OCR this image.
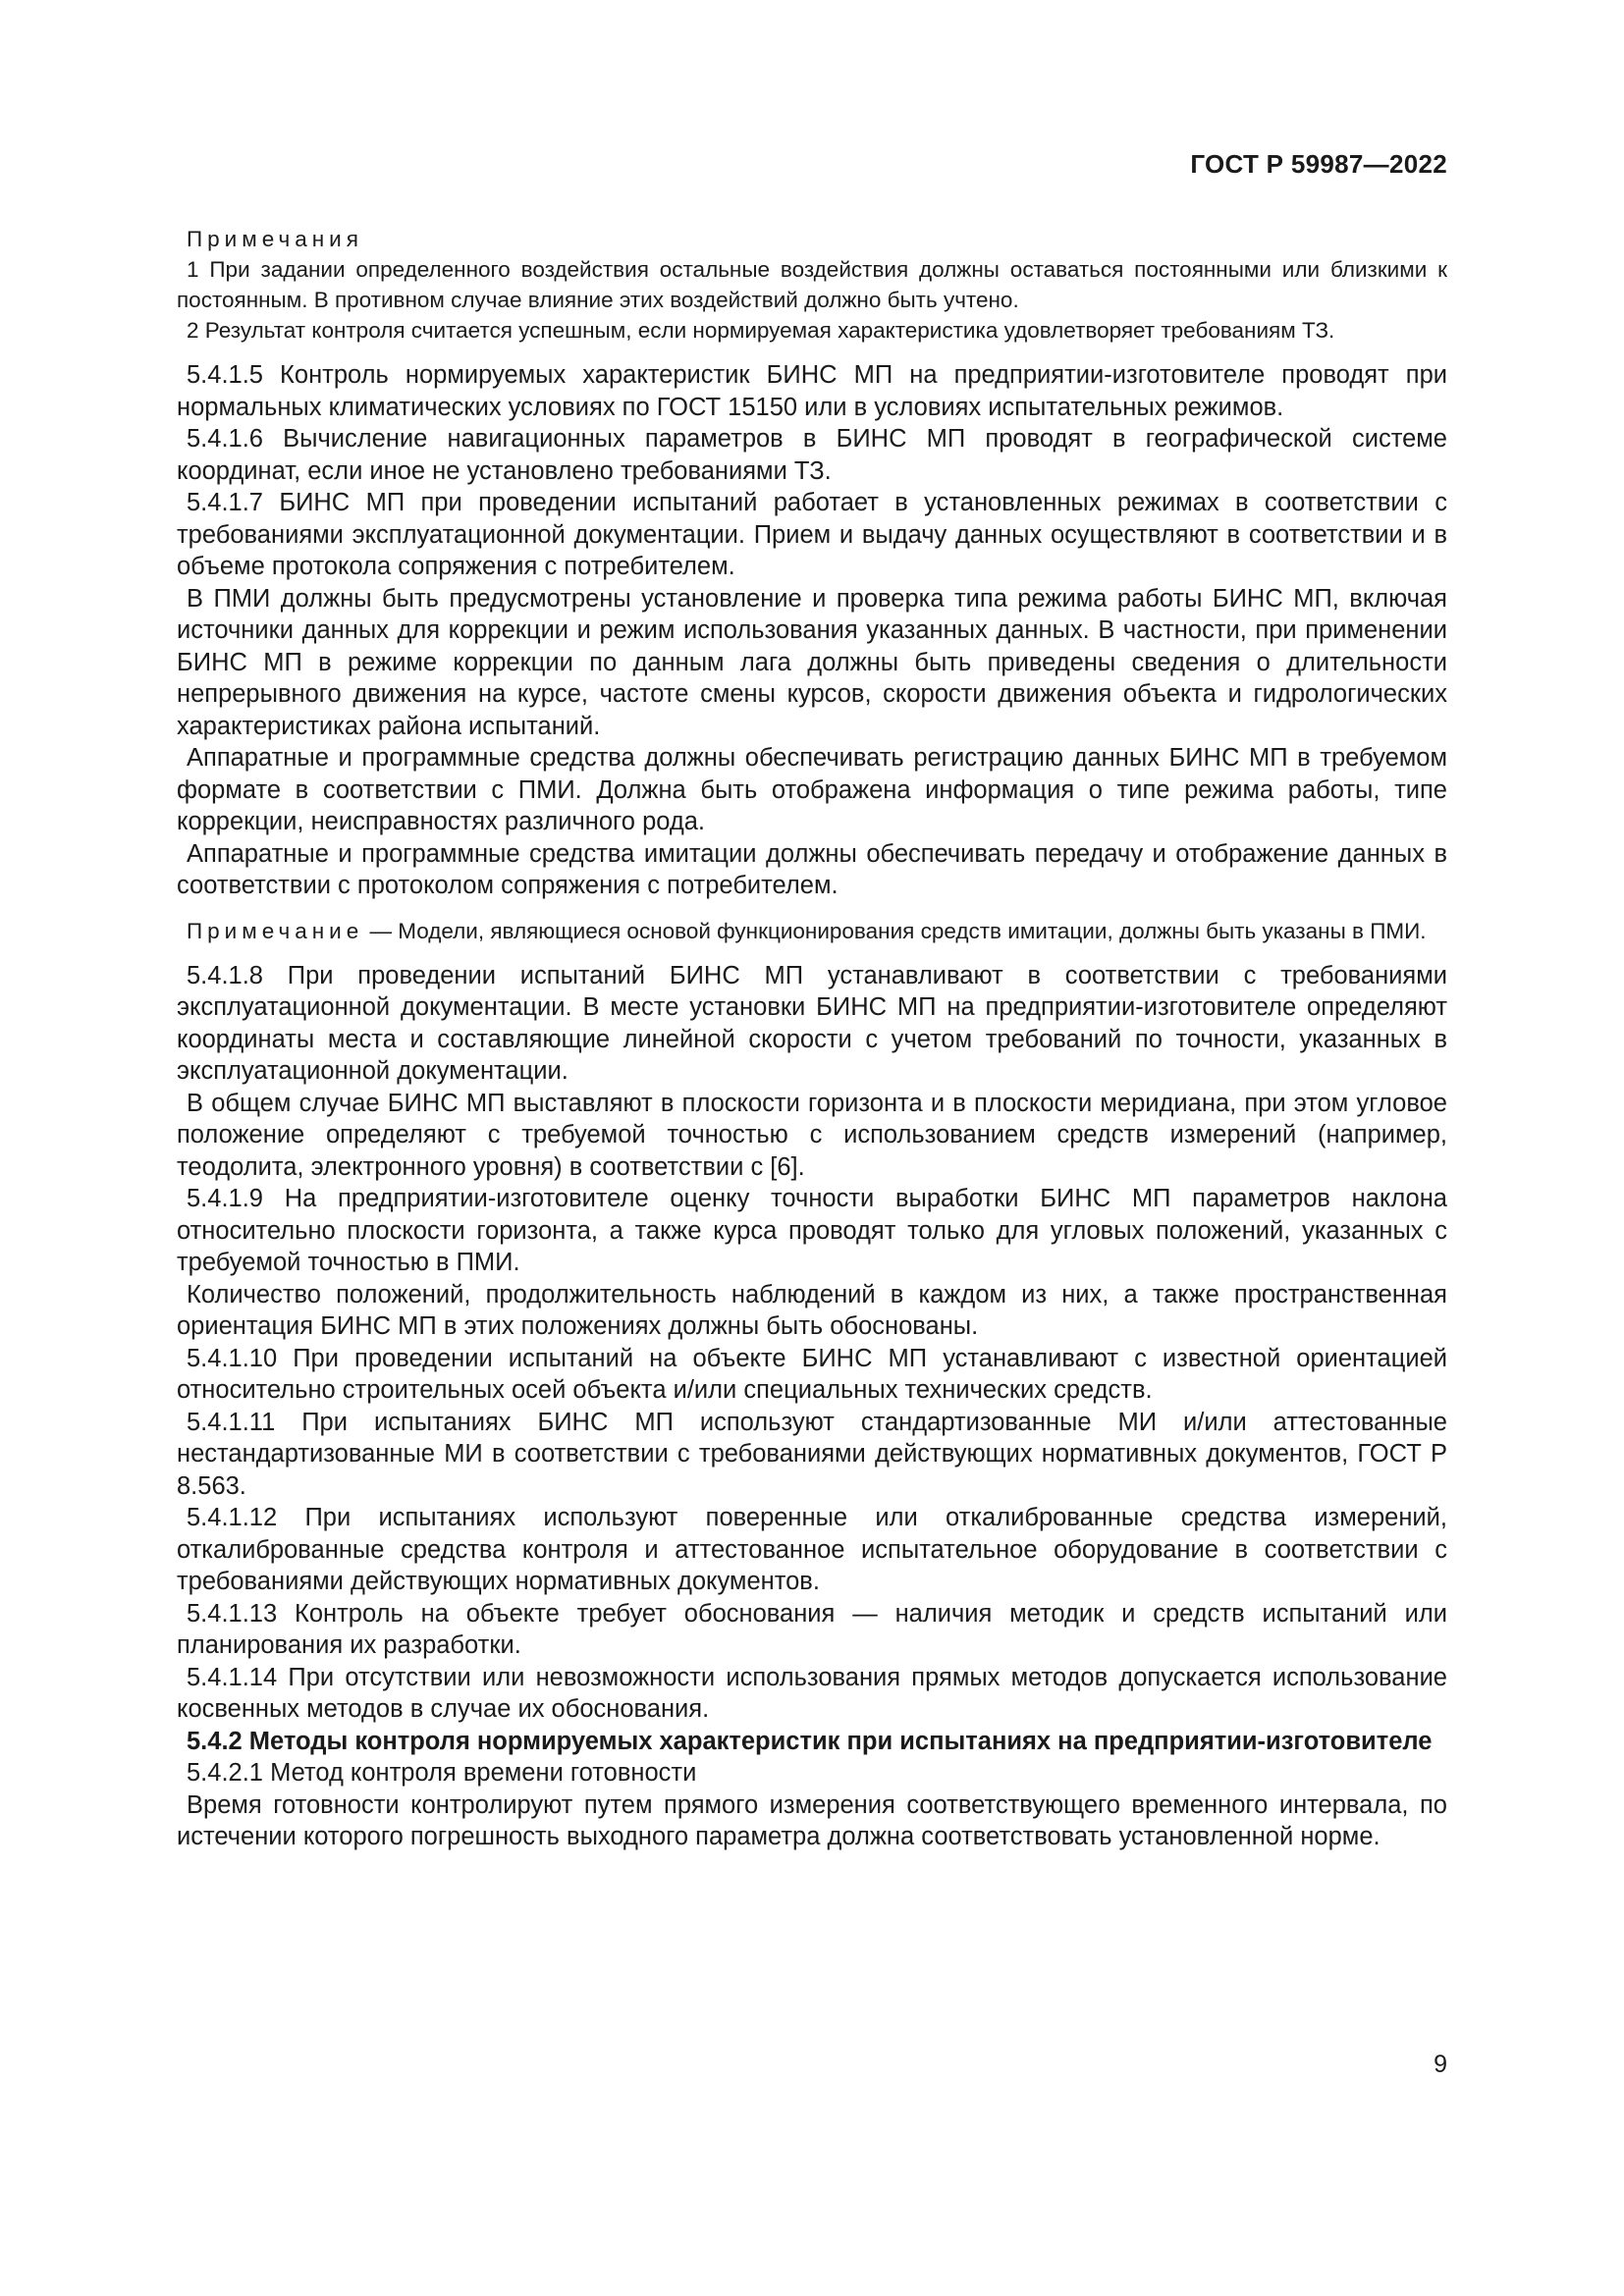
ГОСТ Р 59987—2022

Примечания

1 При задании определенного воздействия остальные воздействия должны оставаться постоянными или близкими к постоянным. В противном случае влияние этих воздействий должно быть учтено.

2 Результат контроля считается успешным, если нормируемая характеристика удовлетворяет требованиям ТЗ.

5.4.1.5 Контроль нормируемых характеристик БИНС МП на предприятии-изготовителе проводят при нормальных климатических условиях по ГОСТ 15150 или в условиях испытательных режимов.

5.4.1.6 Вычисление навигационных параметров в БИНС МП проводят в географической системе координат, если иное не установлено требованиями ТЗ.

5.4.1.7 БИНС МП при проведении испытаний работает в установленных режимах в соответствии с требованиями эксплуатационной документации. Прием и выдачу данных осуществляют в соответствии и в объеме протокола сопряжения с потребителем.

В ПМИ должны быть предусмотрены установление и проверка типа режима работы БИНС МП, включая источники данных для коррекции и режим использования указанных данных. В частности, при применении БИНС МП в режиме коррекции по данным лага должны быть приведены сведения о длительности непрерывного движения на курсе, частоте смены курсов, скорости движения объекта и гидрологических характеристиках района испытаний.

Аппаратные и программные средства должны обеспечивать регистрацию данных БИНС МП в требуемом формате в соответствии с ПМИ. Должна быть отображена информация о типе режима работы, типе коррекции, неисправностях различного рода.

Аппаратные и программные средства имитации должны обеспечивать передачу и отображение данных в соответствии с протоколом сопряжения с потребителем.

Примечание — Модели, являющиеся основой функционирования средств имитации, должны быть указаны в ПМИ.

5.4.1.8 При проведении испытаний БИНС МП устанавливают в соответствии с требованиями эксплуатационной документации. В месте установки БИНС МП на предприятии-изготовителе определяют координаты места и составляющие линейной скорости с учетом требований по точности, указанных в эксплуатационной документации.

В общем случае БИНС МП выставляют в плоскости горизонта и в плоскости меридиана, при этом угловое положение определяют с требуемой точностью с использованием средств измерений (например, теодолита, электронного уровня) в соответствии с [6].

5.4.1.9 На предприятии-изготовителе оценку точности выработки БИНС МП параметров наклона относительно плоскости горизонта, а также курса проводят только для угловых положений, указанных с требуемой точностью в ПМИ.

Количество положений, продолжительность наблюдений в каждом из них, а также пространственная ориентация БИНС МП в этих положениях должны быть обоснованы.

5.4.1.10 При проведении испытаний на объекте БИНС МП устанавливают с известной ориентацией относительно строительных осей объекта и/или специальных технических средств.

5.4.1.11 При испытаниях БИНС МП используют стандартизованные МИ и/или аттестованные нестандартизованные МИ в соответствии с требованиями действующих нормативных документов, ГОСТ Р 8.563.

5.4.1.12 При испытаниях используют поверенные или откалиброванные средства измерений, откалиброванные средства контроля и аттестованное испытательное оборудование в соответствии с требованиями действующих нормативных документов.

5.4.1.13 Контроль на объекте требует обоснования — наличия методик и средств испытаний или планирования их разработки.

5.4.1.14 При отсутствии или невозможности использования прямых методов допускается использование косвенных методов в случае их обоснования.

5.4.2 Методы контроля нормируемых характеристик при испытаниях на предприятии-изготовителе

5.4.2.1 Метод контроля времени готовности

Время готовности контролируют путем прямого измерения соответствующего временного интервала, по истечении которого погрешность выходного параметра должна соответствовать установленной норме.

9
